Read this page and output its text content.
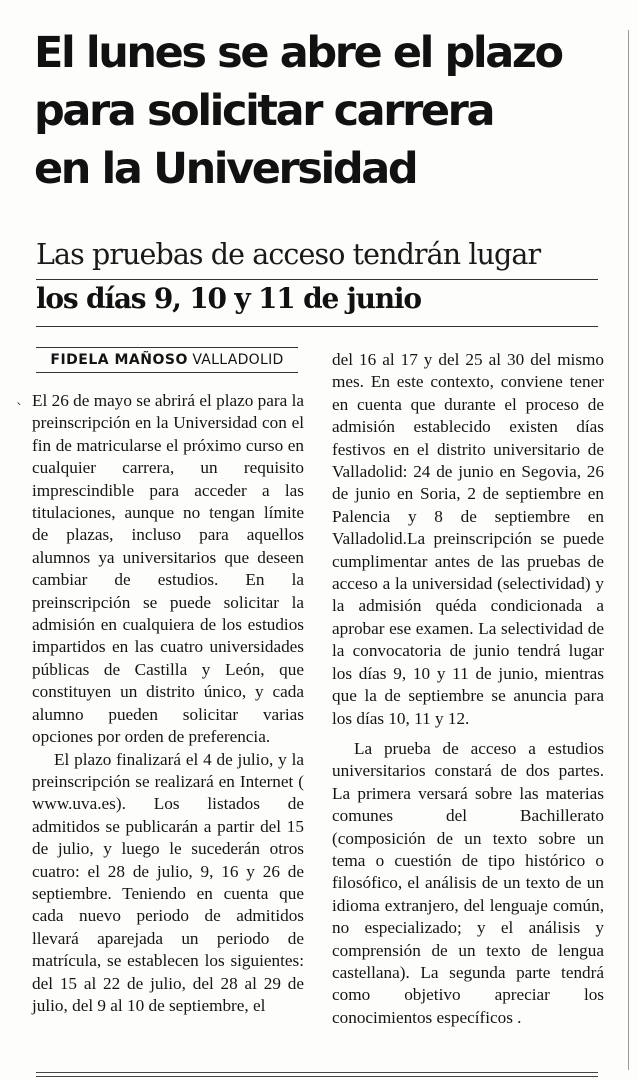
El lunes se abre el plazo
para solicitar carrera
en la Universidad
Las pruebas de acceso tendrán lugar
los días 9, 10 y 11 de junio
FIDELA MAÑOSO VALLADOLID
` El 26 de mayo se abrirá el plazo para la preinscripción en la Universidad con el fin de matricularse el próximo curso en cualquier carrera, un requisito imprescindible para acceder a las titulaciones, aunque no tengan límite de plazas, incluso para aquellos alumnos ya universitarios que deseen cambiar de estudios. En la preinscripción se puede solicitar la admisión en cualquiera de los estudios impartidos en las cuatro universidades públicas de Castilla y León, que constituyen un distrito único, y cada alumno pueden solicitar varias opciones por orden de preferencia.

El plazo finalizará el 4 de julio, y la preinscripción se realizará en Internet ( www.uva.es). Los listados de admitidos se publicarán a partir del 15 de julio, y luego le sucederán otros cuatro: el 28 de julio, 9, 16 y 26 de septiembre. Teniendo en cuenta que cada nuevo periodo de admitidos llevará aparejada un periodo de matrícula, se establecen los siguientes: del 15 al 22 de julio, del 28 al 29 de julio, del 9 al 10 de septiembre, el

del 16 al 17 y del 25 al 30 del mismo mes. En este contexto, conviene tener en cuenta que durante el proceso de admisión establecido existen días festivos en el distrito universitario de Valladolid: 24 de junio en Segovia, 26 de junio en Soria, 2 de septiembre en Palencia y 8 de septiembre en Valladolid.La preinscripción se puede cumplimentar antes de las pruebas de acceso a la universidad (selectividad) y la admisión quéda condicionada a aprobar ese examen. La selectividad de la convocatoria de junio tendrá lugar los días 9, 10 y 11 de junio, mientras que la de septiembre se anuncia para los días 10, 11 y 12.

La prueba de acceso a estudios universitarios constará de dos partes. La primera versará sobre las materias comunes del Bachillerato (composición de un texto sobre un tema o cuestión de tipo histórico o filosófico, el análisis de un texto de un idioma extranjero, del lenguaje común, no especializado; y el análisis y comprensión de un texto de lengua castellana). La segunda parte tendrá como objetivo apreciar los conocimientos específicos .
